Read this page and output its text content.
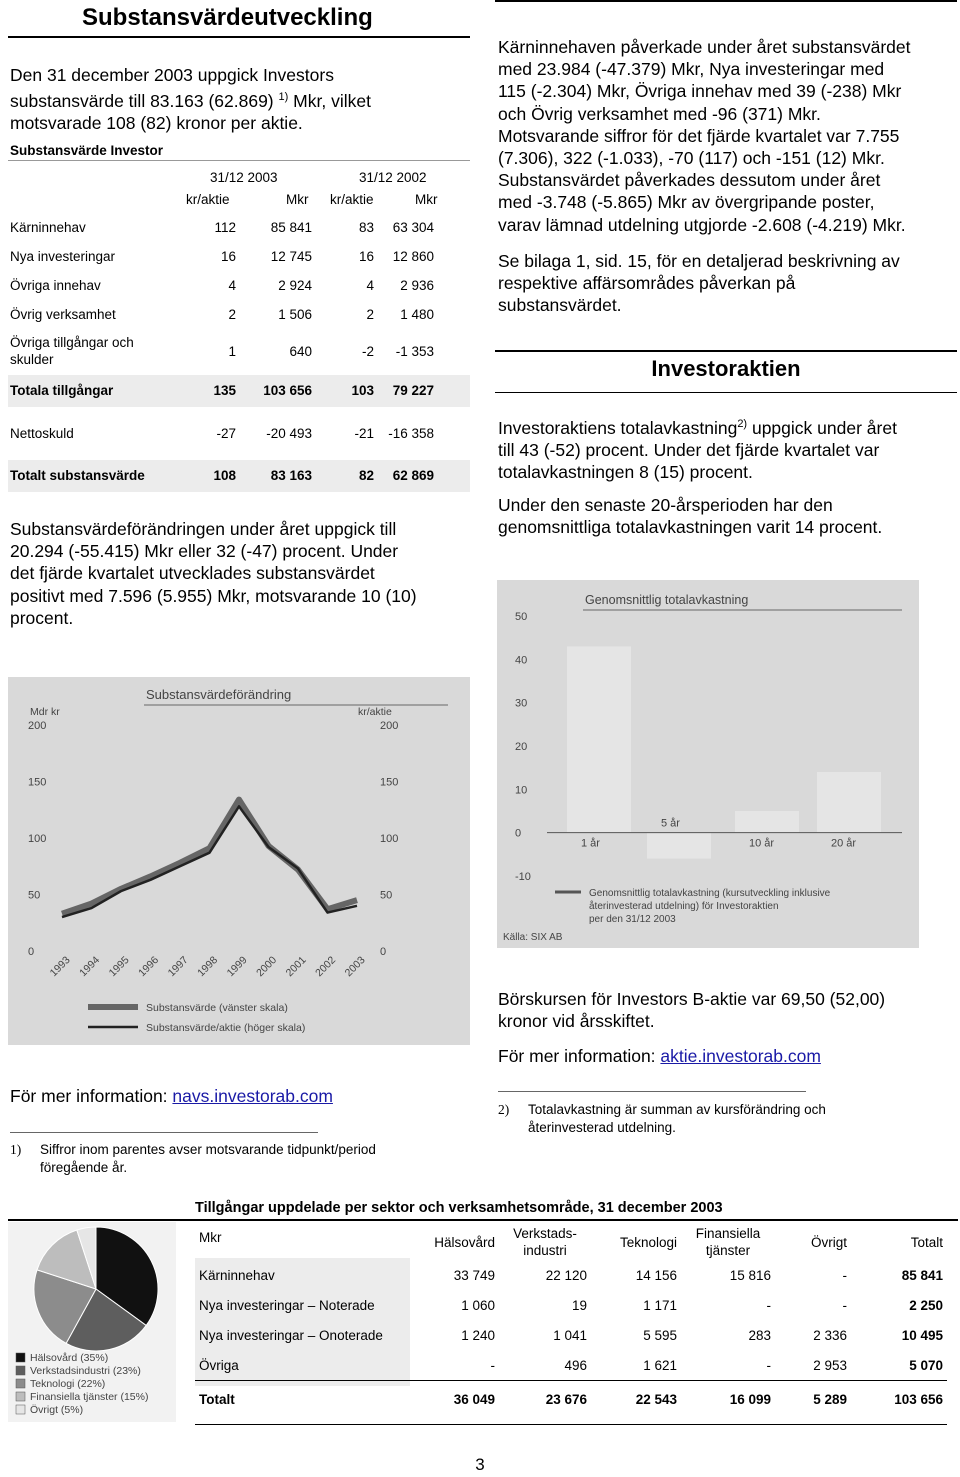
Substansvärdeutveckling
Den 31 december 2003 uppgick Investors
substansvärde till 83.163 (62.869) $^{1)}$ Mkr, vilket
motsvarade 108 (82) kronor per aktie.
Substansvärde Investor
31/12 2003	31/12 2002
kr/aktie	Mkr kr/aktie	Mkr
Kärninnehav	112	85 841	83	63 304
Nya investeringar	16	12 745	16	12 860
Övriga innehav	4	2 924	4	2 936
Övrig verksamhet	2	1 506	2	1 480

Övriga tillgångar och skulder	1	640	-2	-1 353
Totala tillgångar	135	103 656	103	79 227
Nettoskuld	-27	-20 493	-21	-16 358
Totalt substansvärde	108	83 163	82	62 869
Substansvärdeförändringen under året uppgick till
20.294 (-55.415) Mkr eller 32 (-47) procent. Under
det fjärde kvartalet utvecklades substansvärdet
positivt med 7.596 (5.955) Mkr, motsvarande 10 (10)
procent.
Substansvärdeförändring
Mdr kr	kr/aktie
200
150
100
50
0
200
150
100
50
0
1993 1994 1995 1996 1997 1998 1999 2000 2001 2002 2003
Substansvärde (vänster skala)
Substansvärde/aktie (höger skala)
Kärninnehaven påverkade under året substansvärdet
med 23.984 (-47.379) Mkr, Nya investeringar med
115 (-2.304) Mkr, Övriga innehav med 39 (-238) Mkr
och Övrig verksamhet med -96 (371) Mkr.
Motsvarande siffror för det fjärde kvartalet var 7.755
(7.306), 322 (-1.033), -70 (117) och -151 (12) Mkr.
Substansvärdet påverkades dessutom under året
med -3.748 (-5.865) Mkr av övergripande poster,
varav lämnad utdelning utgjorde -2.608 (-4.219) Mkr.
Se bilaga 1, sid. 15, för en detaljerad beskrivning av
respektive affärsområdes påverkan på
substansvärdet.
Investoraktien
Investoraktiens totalavkastning$^{2)}$ uppgick under året
till 43 (-52) procent. Under det fjärde kvartalet var
totalavkastningen 8 (15) procent.
Under den senaste 20-årsperioden har den
genomsnittliga totalavkastningen varit 14 procent.
Genomsnittlig totalavkastning
50
40
30
20
10
0
-10
1 år
5 år
10 år	20 år
Genomsnittlig totalavkastning (kursutveckling inklusive
återinvesterad utdelning) för Investoraktien
per den 31/12 2003
Källa: SIX AB
Börskursen för Investors B-aktie var 69,50 (52,00)
kronor vid årsskiftet.
För mer information: aktie.investorab.com
2) Totalavkastning är summan av kursförändring och
återinvesterad utdelning.
För mer information: navs.investorab.com
1) Siffror inom parentes avser motsvarande tidpunkt/period
föregående år.
Tillgångar uppdelade per sektor och verksamhetsområde, 31 december 2003
Hälsovård (35%)
Verkstadsindustri (23%)
Teknologi (22%)
Finansiella tjänster (15%)
Övrigt (5%)
Mkr	Hälsovård	Verkstads-industri	Teknologi	Finansiella tjänster	Övrigt	Totalt
Kärninnehav	33 749	22 120	14 156	15 816	-	85 841
Nya investeringar – Noterade	1 060	19	1 171	-	-	2 250
Nya investeringar – Onoterade	1 240	1 041	5 595	283	2 336	10 495
Övriga	-	496	1 621	-	2 953	5 070
Totalt	36 049	23 676	22 543	16 099	5 289	103 656
3
